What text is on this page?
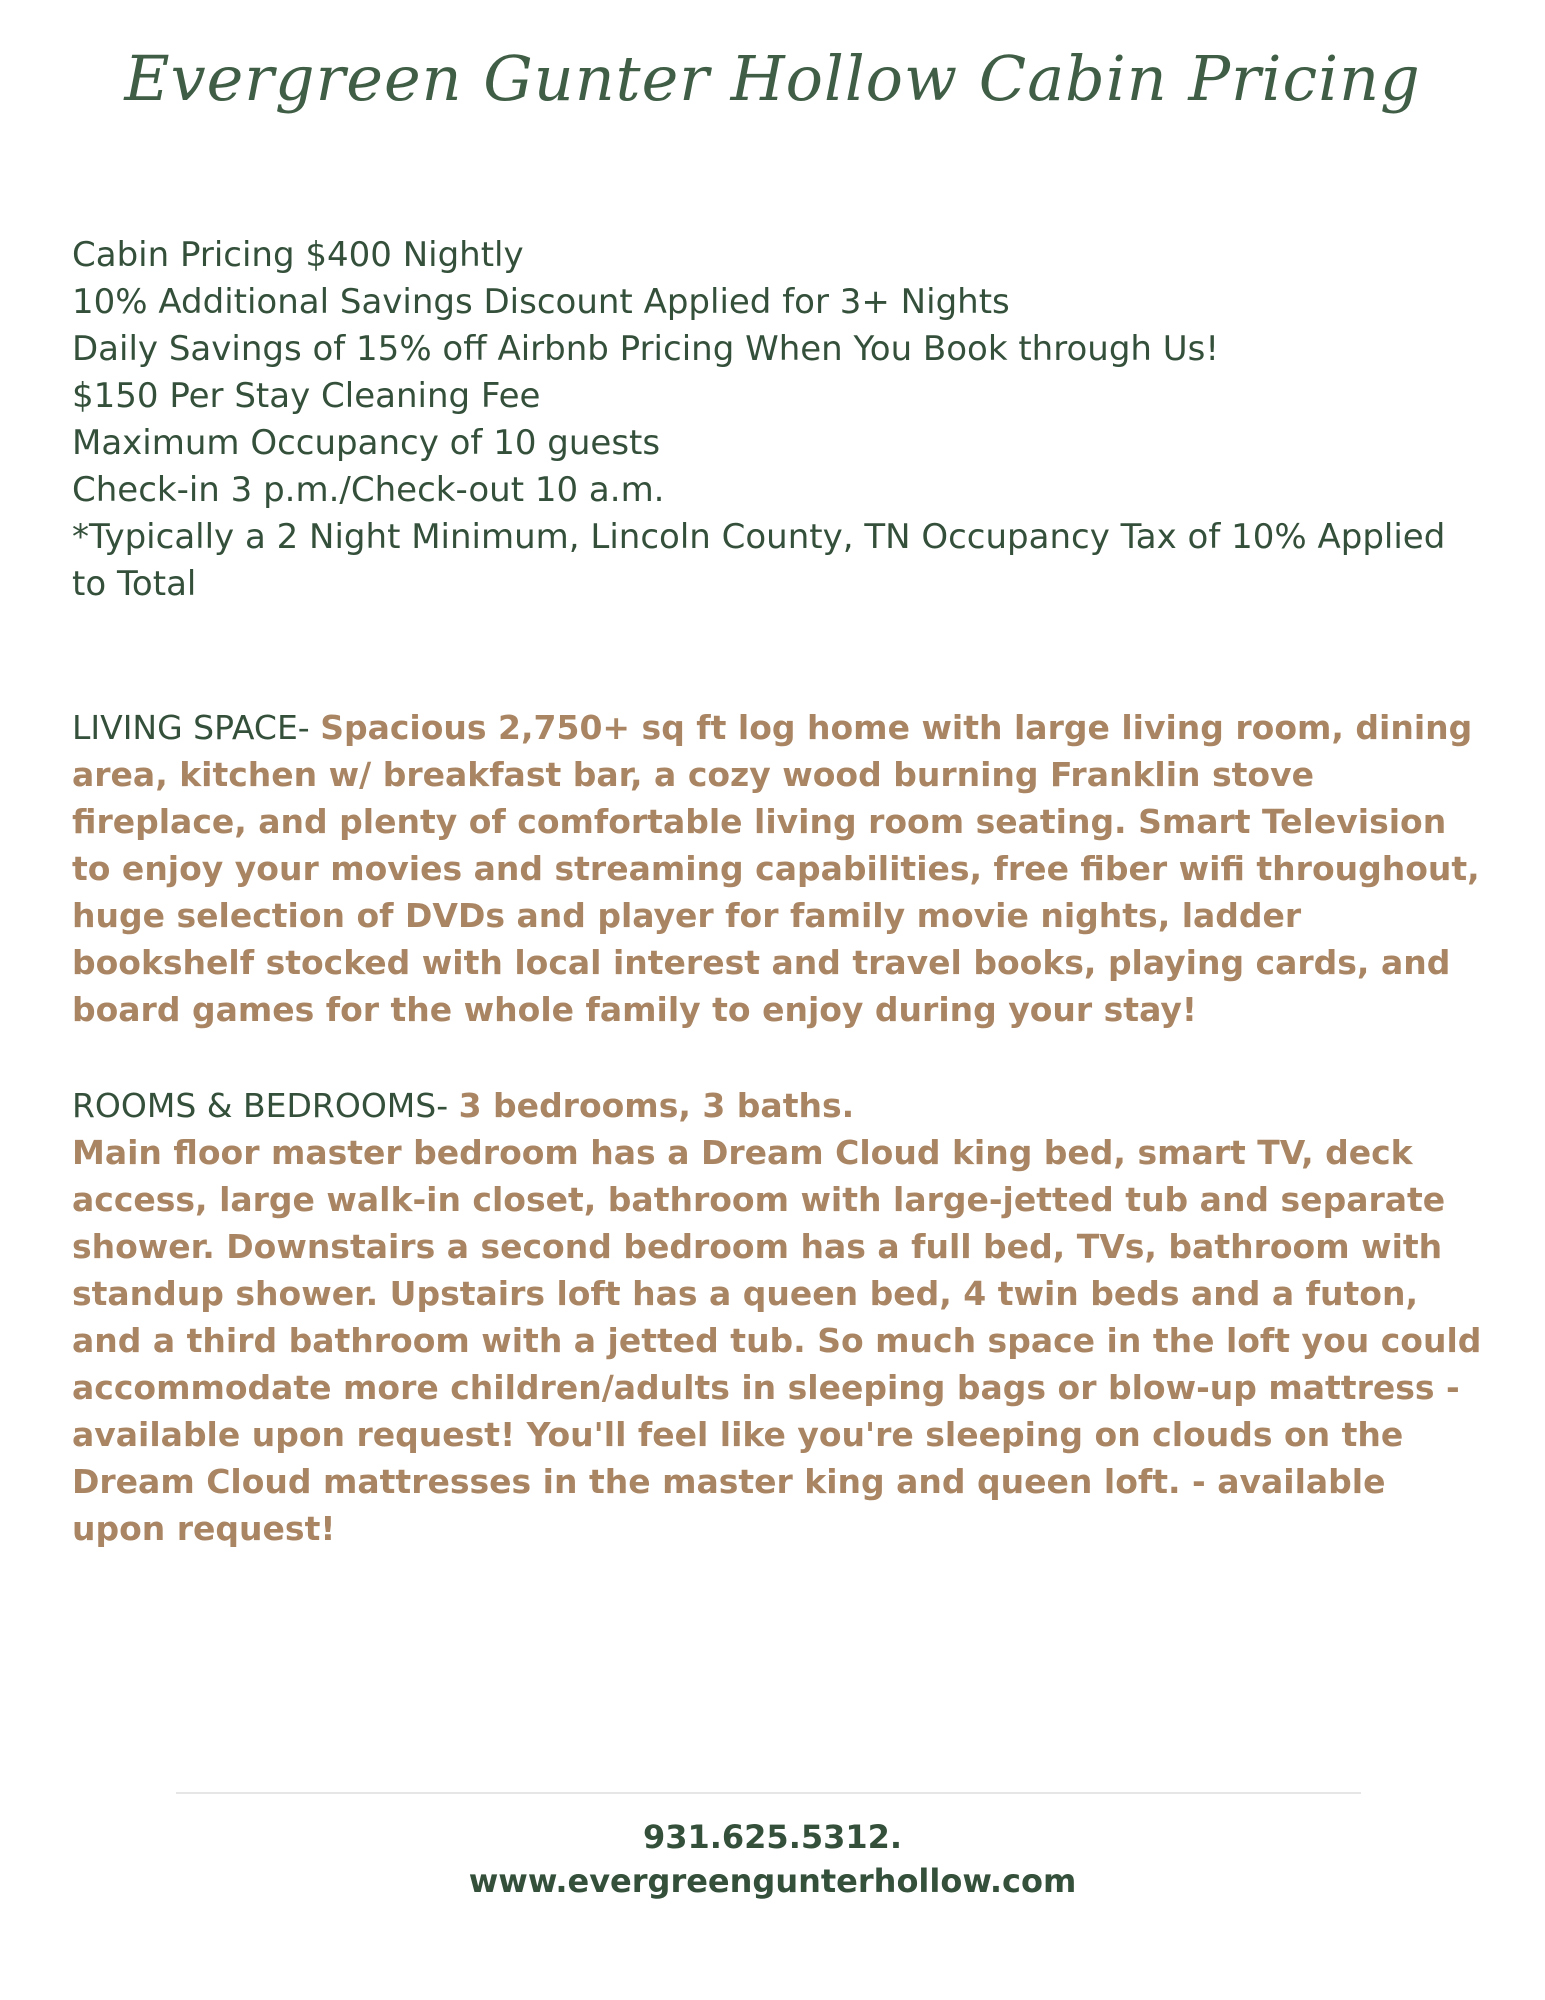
Evergreen Gunter Hollow Cabin Pricing
Cabin Pricing $400 Nightly
10% Additional Savings Discount Applied for 3+ Nights
Daily Savings of 15% off Airbnb Pricing When You Book through Us!
$150 Per Stay Cleaning Fee
Maximum Occupancy of 10 guests
Check-in 3 p.m./Check-out 10 a.m.
*Typically a 2 Night Minimum, Lincoln County, TN Occupancy Tax of 10% Applied to Total
LIVING SPACE- Spacious 2,750+ sq ft log home with large living room, dining area, kitchen w/ breakfast bar, a cozy wood burning Franklin stove fireplace, and plenty of comfortable living room seating. Smart Television to enjoy your movies and streaming capabilities, free fiber wifi throughout, huge selection of DVDs and player for family movie nights, ladder bookshelf stocked with local interest and travel books, playing cards, and board games for the whole family to enjoy during your stay!
ROOMS & BEDROOMS- 3 bedrooms, 3 baths.
Main floor master bedroom has a Dream Cloud king bed, smart TV, deck access, large walk-in closet, bathroom with large-jetted tub and separate shower. Downstairs a second bedroom has a full bed, TVs, bathroom with standup shower. Upstairs loft has a queen bed, 4 twin beds and a futon, and a third bathroom with a jetted tub. So much space in the loft you could accommodate more children/adults in sleeping bags or blow-up mattress - available upon request! You'll feel like you're sleeping on clouds on the Dream Cloud mattresses in the master king and queen loft. - available upon request!
931.625.5312.
www.evergreengunterhollow.com
